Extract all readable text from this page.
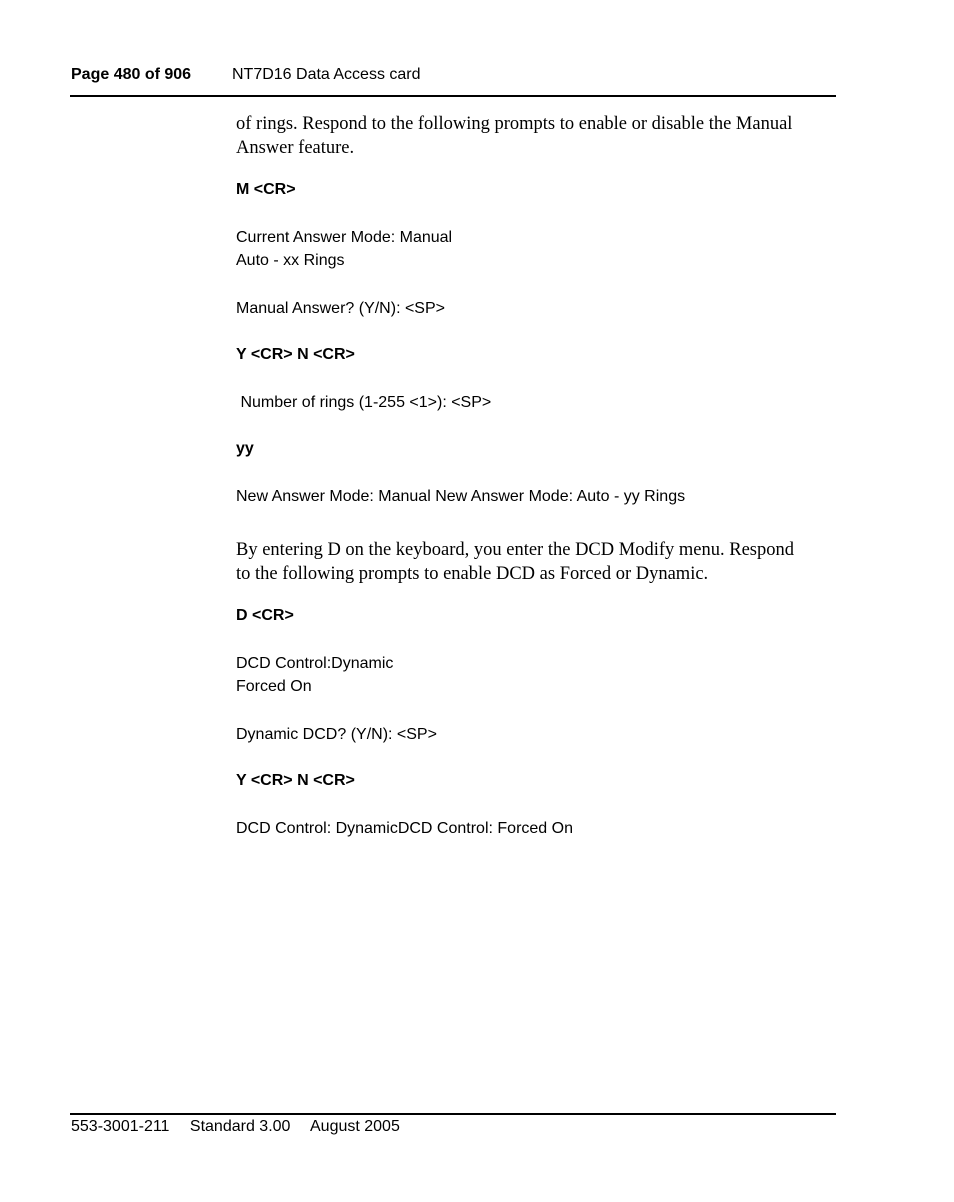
Page 480 of 906	NT7D16 Data Access card
of rings. Respond to the following prompts to enable or disable the Manual
Answer feature.
M <CR>
Current Answer Mode: Manual
Auto - xx Rings
Manual Answer? (Y/N): <SP>
Y <CR> N <CR>
Number of rings (1-255 <1>): <SP>
yy
New Answer Mode: Manual New Answer Mode: Auto - yy Rings
By entering D on the keyboard, you enter the DCD Modify menu. Respond
to the following prompts to enable DCD as Forced or Dynamic.
D <CR>
DCD Control:Dynamic
Forced On
Dynamic DCD? (Y/N): <SP>
Y <CR> N <CR>
DCD Control: DynamicDCD Control: Forced On
553-3001-211 Standard 3.00 August 2005
